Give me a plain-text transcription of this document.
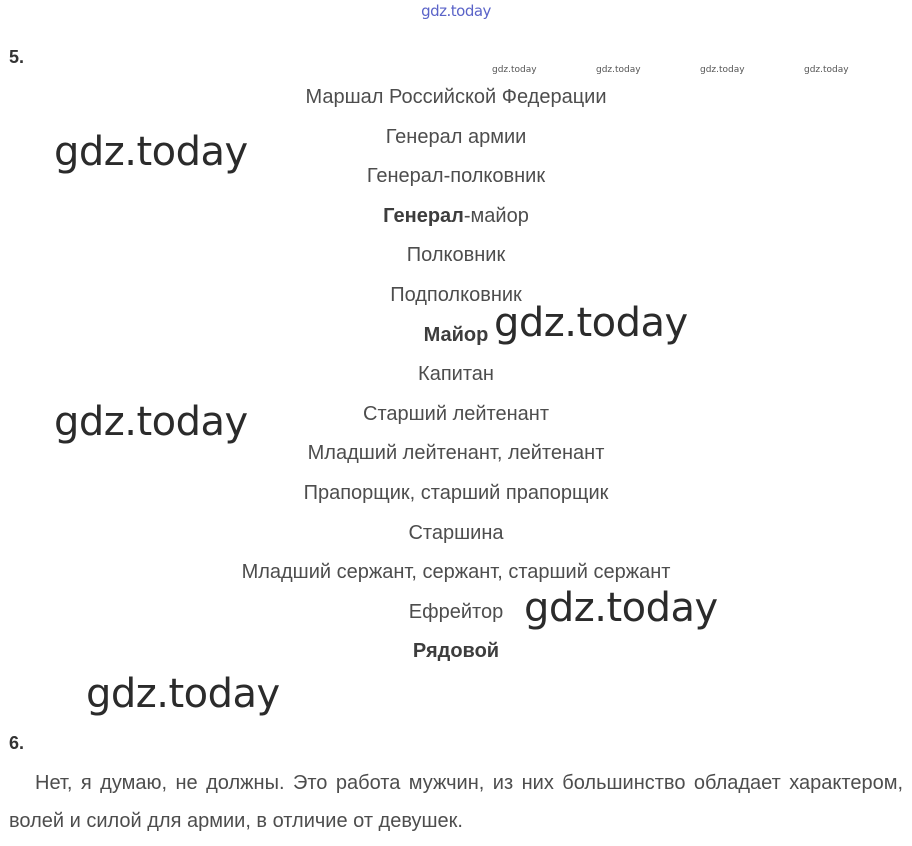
gdz.today
gdz.today	gdz.today	gdz.today	gdz.today
5.
Маршал Российской Федерации
Генерал армии
Генерал-полковник
Генерал-майор
Полковник
Подполковник
Майор
Капитан
Старший лейтенант
Младший лейтенант, лейтенант
Прапорщик, старший прапорщик
Старшина
Младший сержант, сержант, старший сержант
Ефрейтор
Рядовой
6.

Нет, я думаю, не должны. Это работа мужчин, из них большинство обладает характером, волей и силой для армии, в отличие от девушек.

gdz.today
gdz.today
gdz.today
gdz.today
gdz.today
